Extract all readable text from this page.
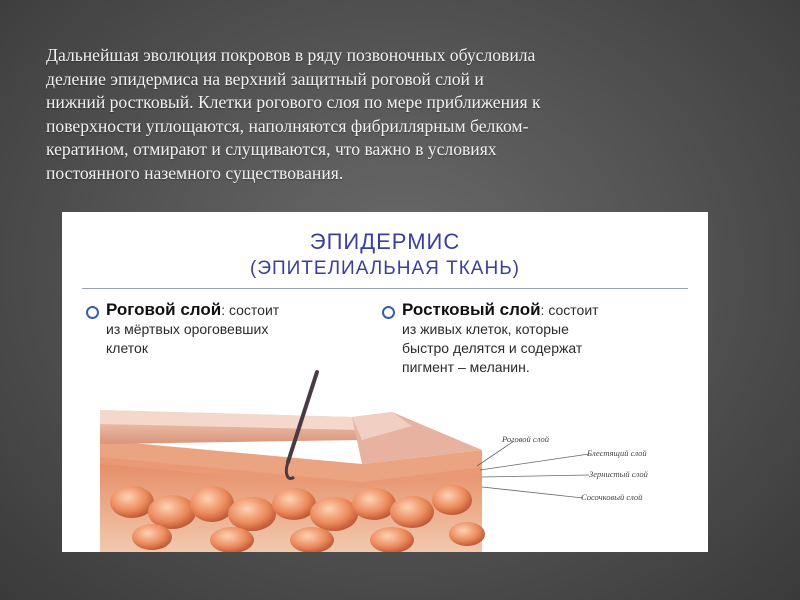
Дальнейшая эволюция покровов в ряду позвоночных обусловила
деление эпидермиса на верхний защитный роговой слой и
нижний ростковый. Клетки рогового слоя по мере приближения к
поверхности уплощаются, наполняются фибриллярным белком-
кератином, отмирают и слущиваются, что важно в условиях
постоянного наземного существования.
ЭПИДЕРМИС
(ЭПИТЕЛИАЛЬНАЯ ТКАНЬ)
Роговой слой: состоит
из мёртвых ороговевших
клеток
Ростковый слой: состоит
из живых клеток, которые
быстро делятся и содержат
пигмент – меланин.
Роговой слой
Блестящий слой
Зернистый слой
Сосочковый слой
